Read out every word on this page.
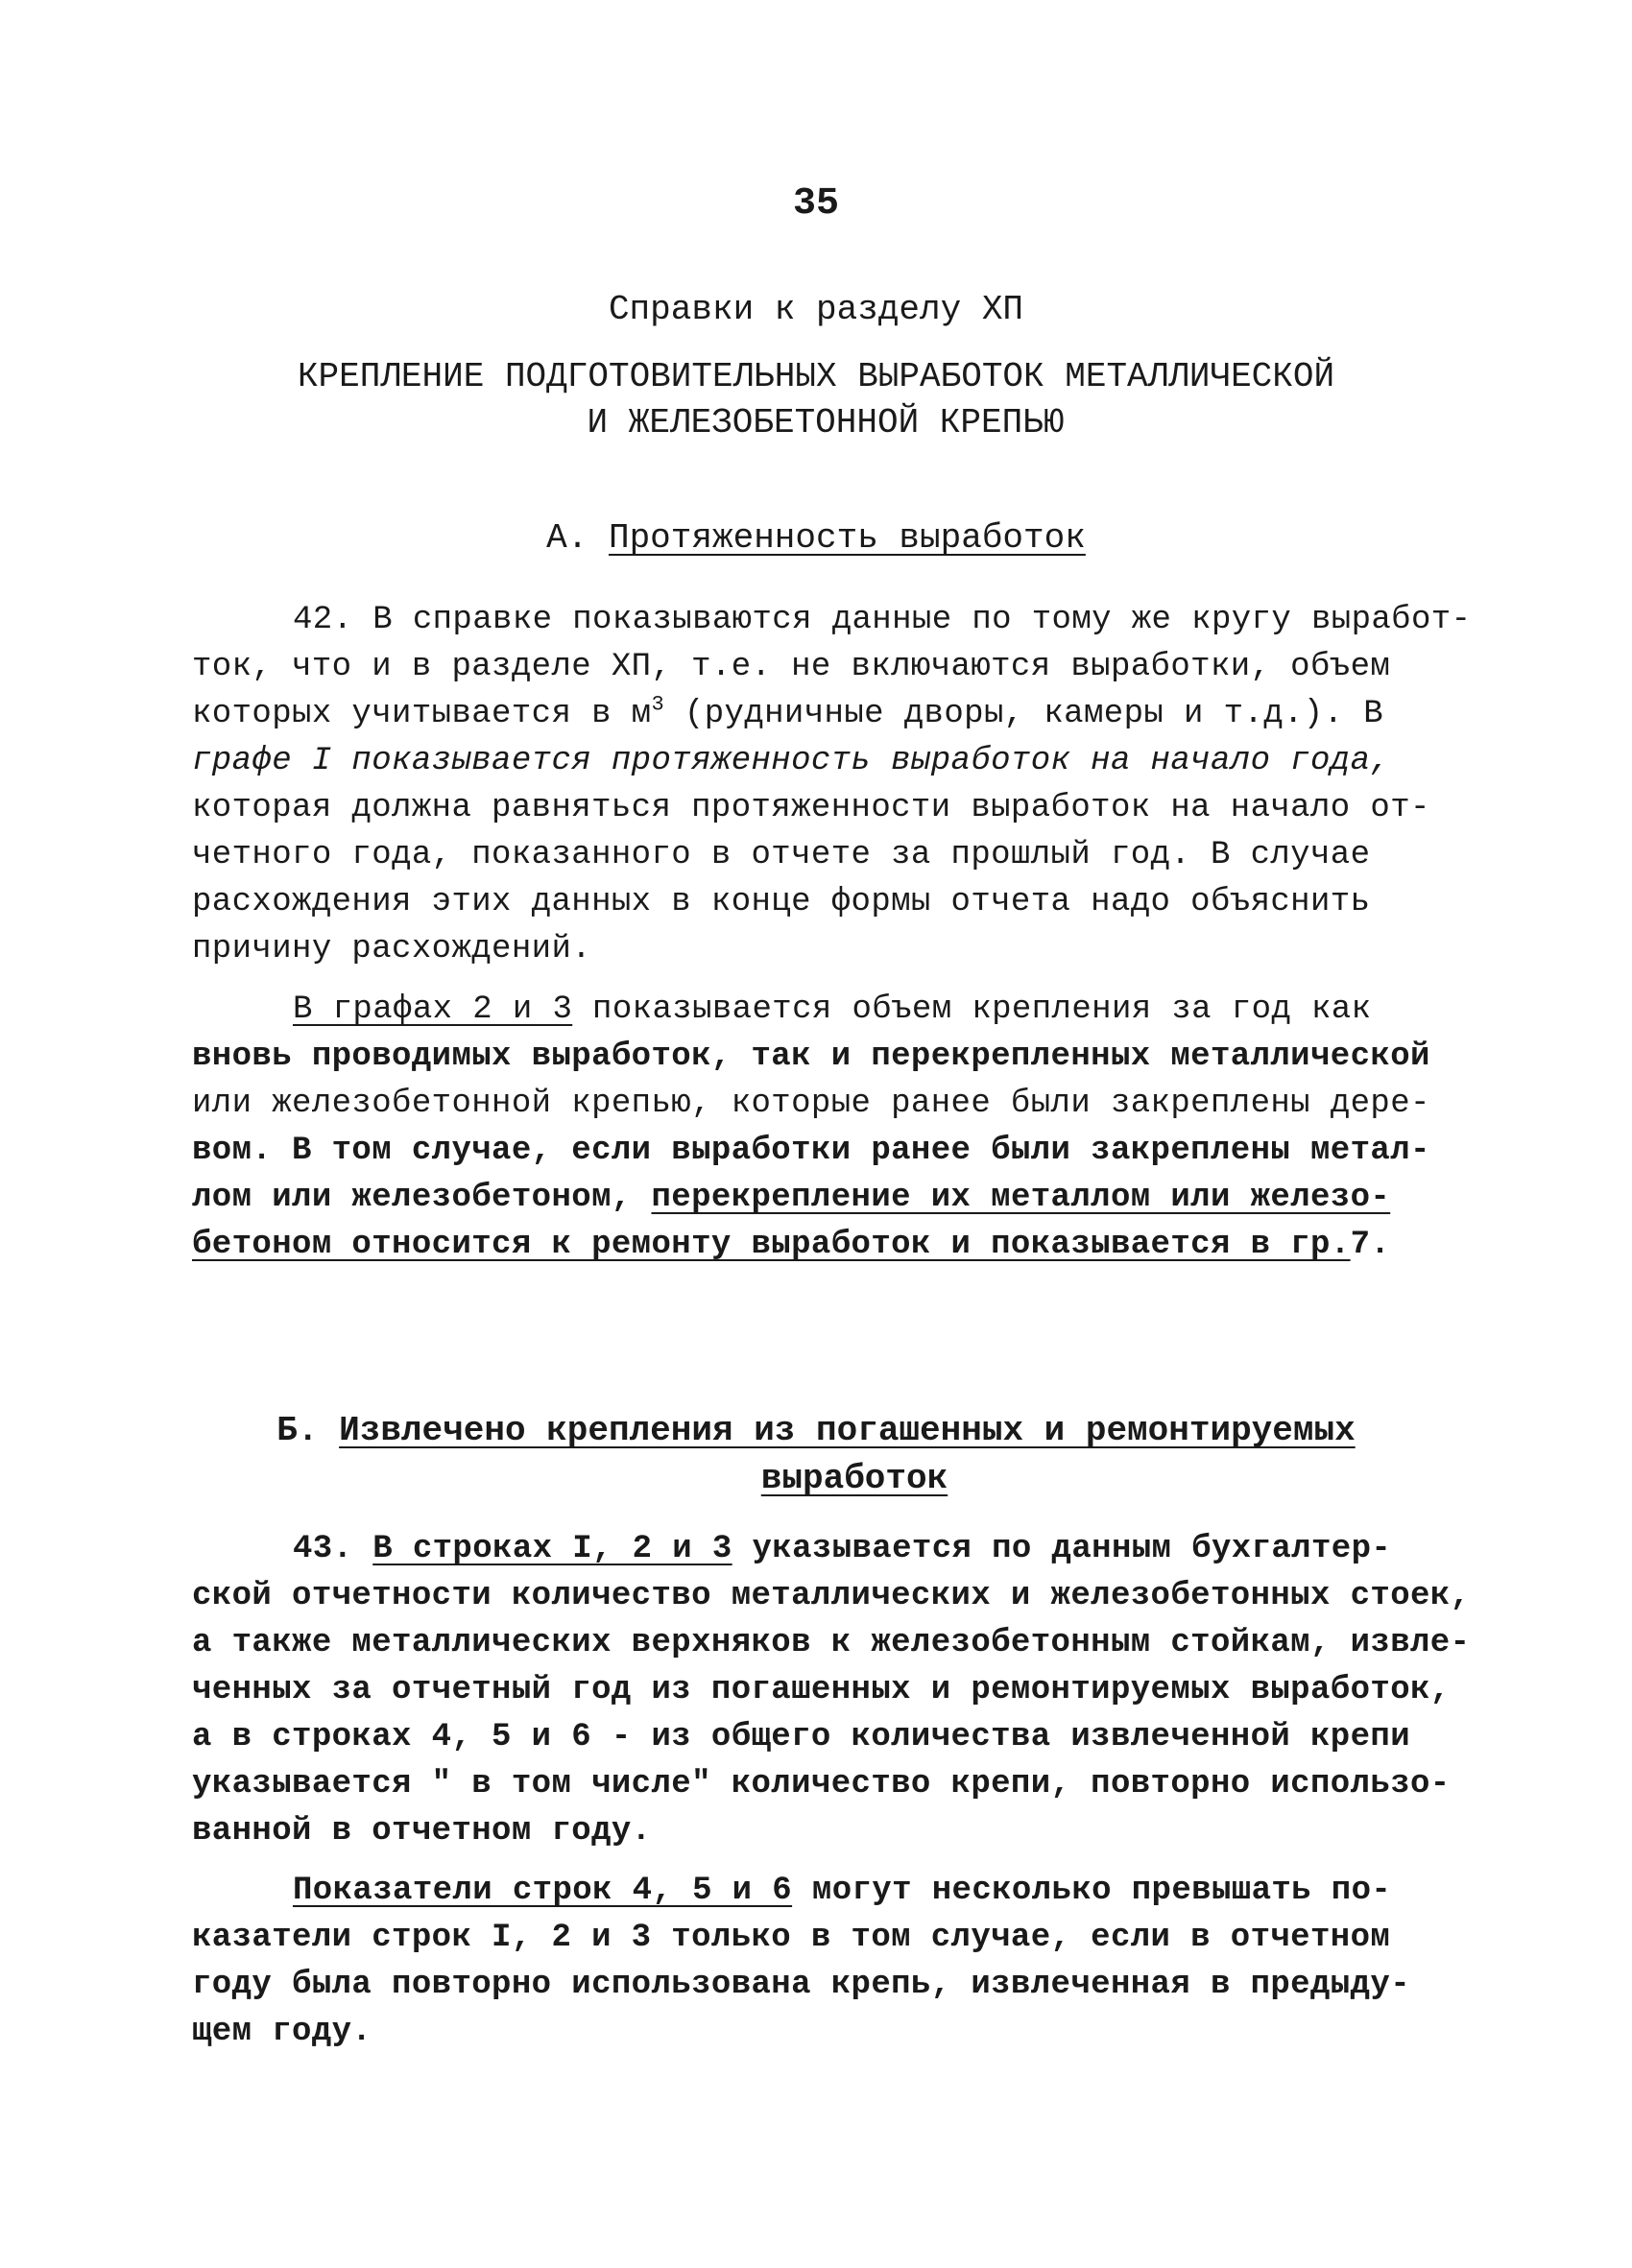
35
Справки к разделу ХП
КРЕПЛЕНИЕ ПОДГОТОВИТЕЛЬНЫХ ВЫРАБОТОК МЕТАЛЛИЧЕСКОЙ
И ЖЕЛЕЗОБЕТОННОЙ КРЕПЬЮ
А. Протяженность выработок
42. В справке показываются данные по тому же кругу выработ-
ток, что и в разделе ХП, т.е. не включаются выработки, объем
которых учитывается в $м^3$ (рудничные дворы, камеры и т.д.). В
графе I показывается протяженность выработок на начало года,
которая должна равняться протяженности выработок на начало от-
четного года, показанного в отчете за прошлый год. В случае
расхождения этих данных в конце формы отчета надо объяснить
причину расхождений.
В графах 2 и 3 показывается объем крепления за год как
вновь проводимых выработок, так и перекрепленных металлической
или железобетонной крепью, которые ранее были закреплены дере-
вом. В том случае, если выработки ранее были закреплены метал-
лом или железобетоном, перекрепление их металлом или железо-
бетоном относится к ремонту выработок и показывается в гр.7.
Б. Извлечено крепления из погашенных и ремонтируемых
выработок
43. В строках I, 2 и 3 указывается по данным бухгалтер-
ской отчетности количество металлических и железобетонных стоек,
а также металлических верхняков к железобетонным стойкам, извле-
ченных за отчетный год из погашенных и ремонтируемых выработок,
а в строках 4, 5 и 6 - из общего количества извлеченной крепи
указывается " в том числе" количество крепи, повторно использо-
ванной в отчетном году.
Показатели строк 4, 5 и 6 могут несколько превышать по-
казатели строк I, 2 и 3 только в том случае, если в отчетном
году была повторно использована крепь, извлеченная в предыду-
щем году.
